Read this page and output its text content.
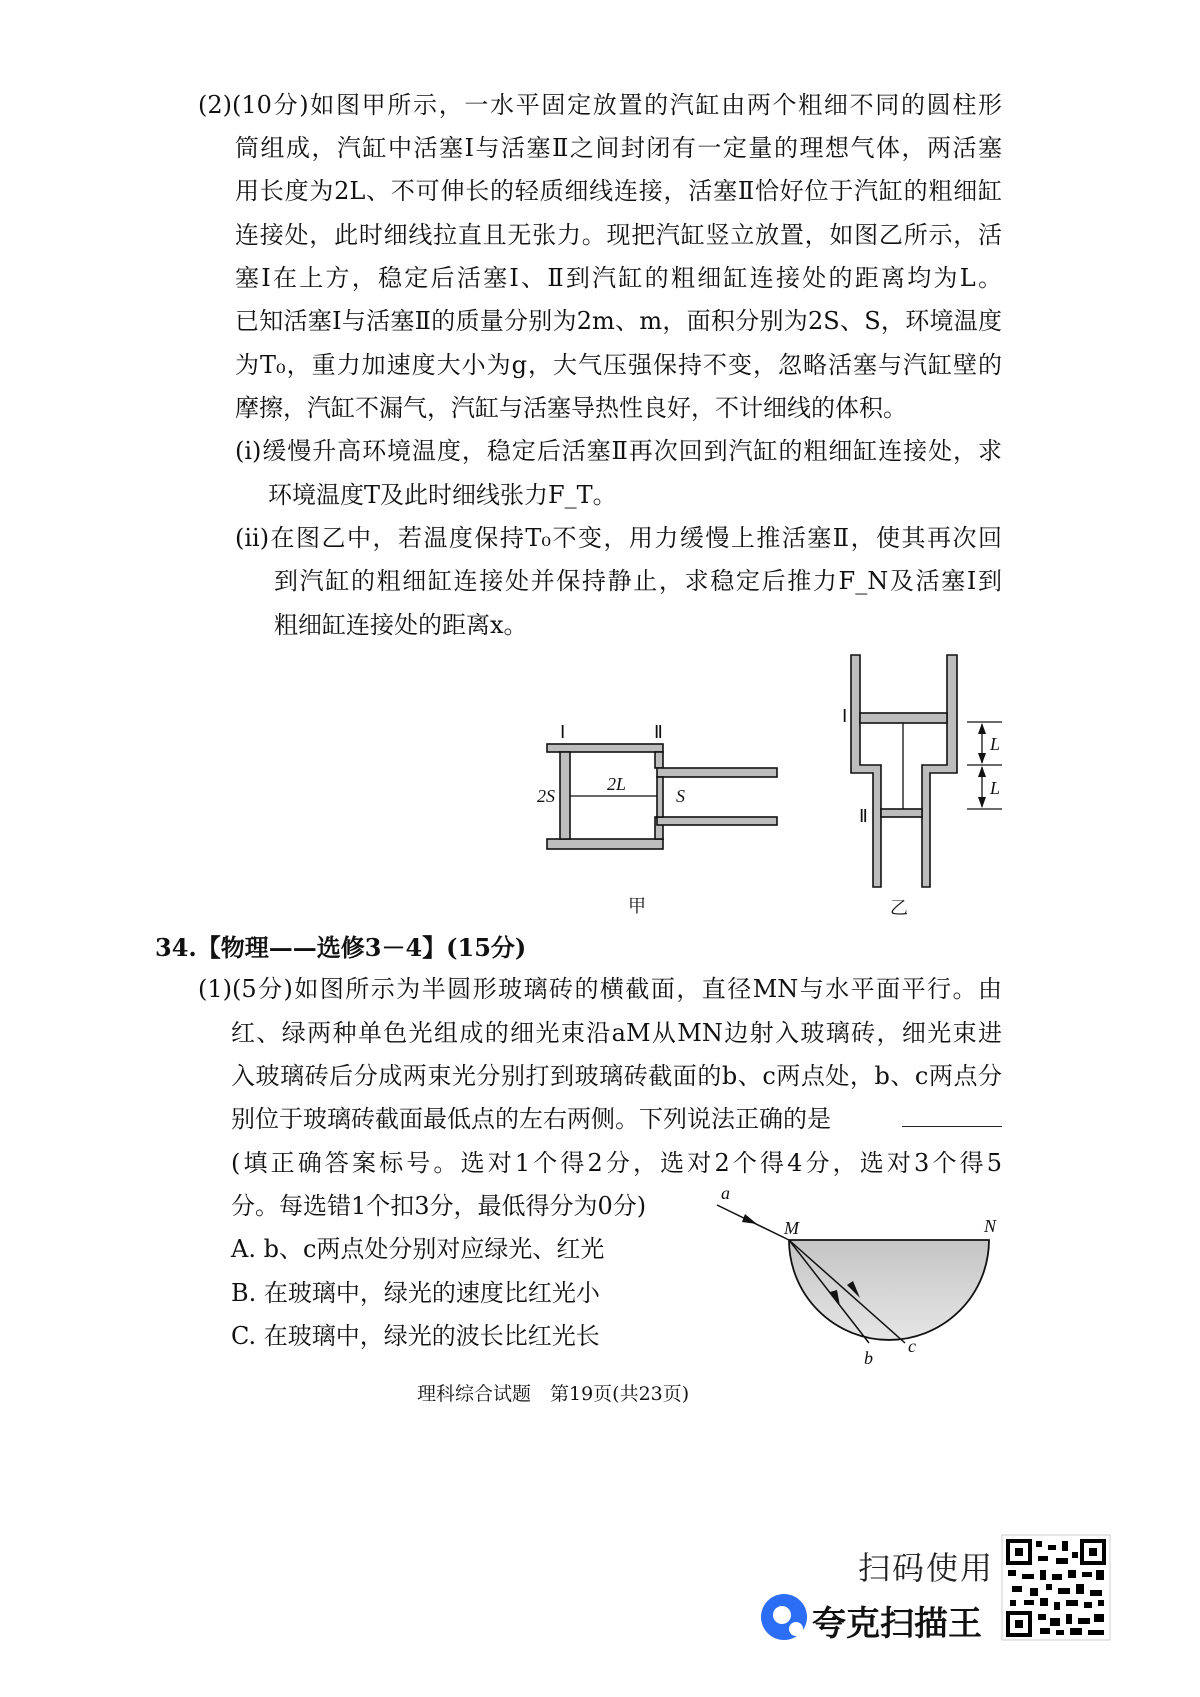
(2)(10分)如图甲所示，一水平固定放置的汽缸由两个粗细不同的圆柱形
筒组成，汽缸中活塞Ⅰ与活塞Ⅱ之间封闭有一定量的理想气体，两活塞
用长度为2L、不可伸长的轻质细线连接，活塞Ⅱ恰好位于汽缸的粗细缸
连接处，此时细线拉直且无张力。现把汽缸竖立放置，如图乙所示，活
塞Ⅰ在上方，稳定后活塞Ⅰ、Ⅱ到汽缸的粗细缸连接处的距离均为L。
已知活塞Ⅰ与活塞Ⅱ的质量分别为2m、m，面积分别为2S、S，环境温度
为T₀，重力加速度大小为g，大气压强保持不变，忽略活塞与汽缸壁的
摩擦，汽缸不漏气，汽缸与活塞导热性良好，不计细线的体积。
(i)缓慢升高环境温度，稳定后活塞Ⅱ再次回到汽缸的粗细缸连接处，求
环境温度T及此时细线张力F_T。
(ii)在图乙中，若温度保持T₀不变，用力缓慢上推活塞Ⅱ，使其再次回
到汽缸的粗细缸连接处并保持静止，求稳定后推力F_N及活塞Ⅰ到
粗细缸连接处的距离x。
Ⅰ	Ⅱ
2S
2L
S
甲
Ⅰ
Ⅱ
L
L
乙
a
M	N
b
c
34.【物理——选修3－4】(15分)
(1)(5分)如图所示为半圆形玻璃砖的横截面，直径MN与水平面平行。由
红、绿两种单色光组成的细光束沿aM从MN边射入玻璃砖，细光束进
入玻璃砖后分成两束光分别打到玻璃砖截面的b、c两点处，b、c两点分
别位于玻璃砖截面最低点的左右两侧。下列说法正确的是
(填正确答案标号。选对1个得2分，选对2个得4分，选对3个得5
分。每选错1个扣3分，最低得分为0分)
A. b、c两点处分别对应绿光、红光
B. 在玻璃中，绿光的速度比红光小
C. 在玻璃中，绿光的波长比红光长
理科综合试题　第19页(共23页)
扫码使用
夸克扫描王
